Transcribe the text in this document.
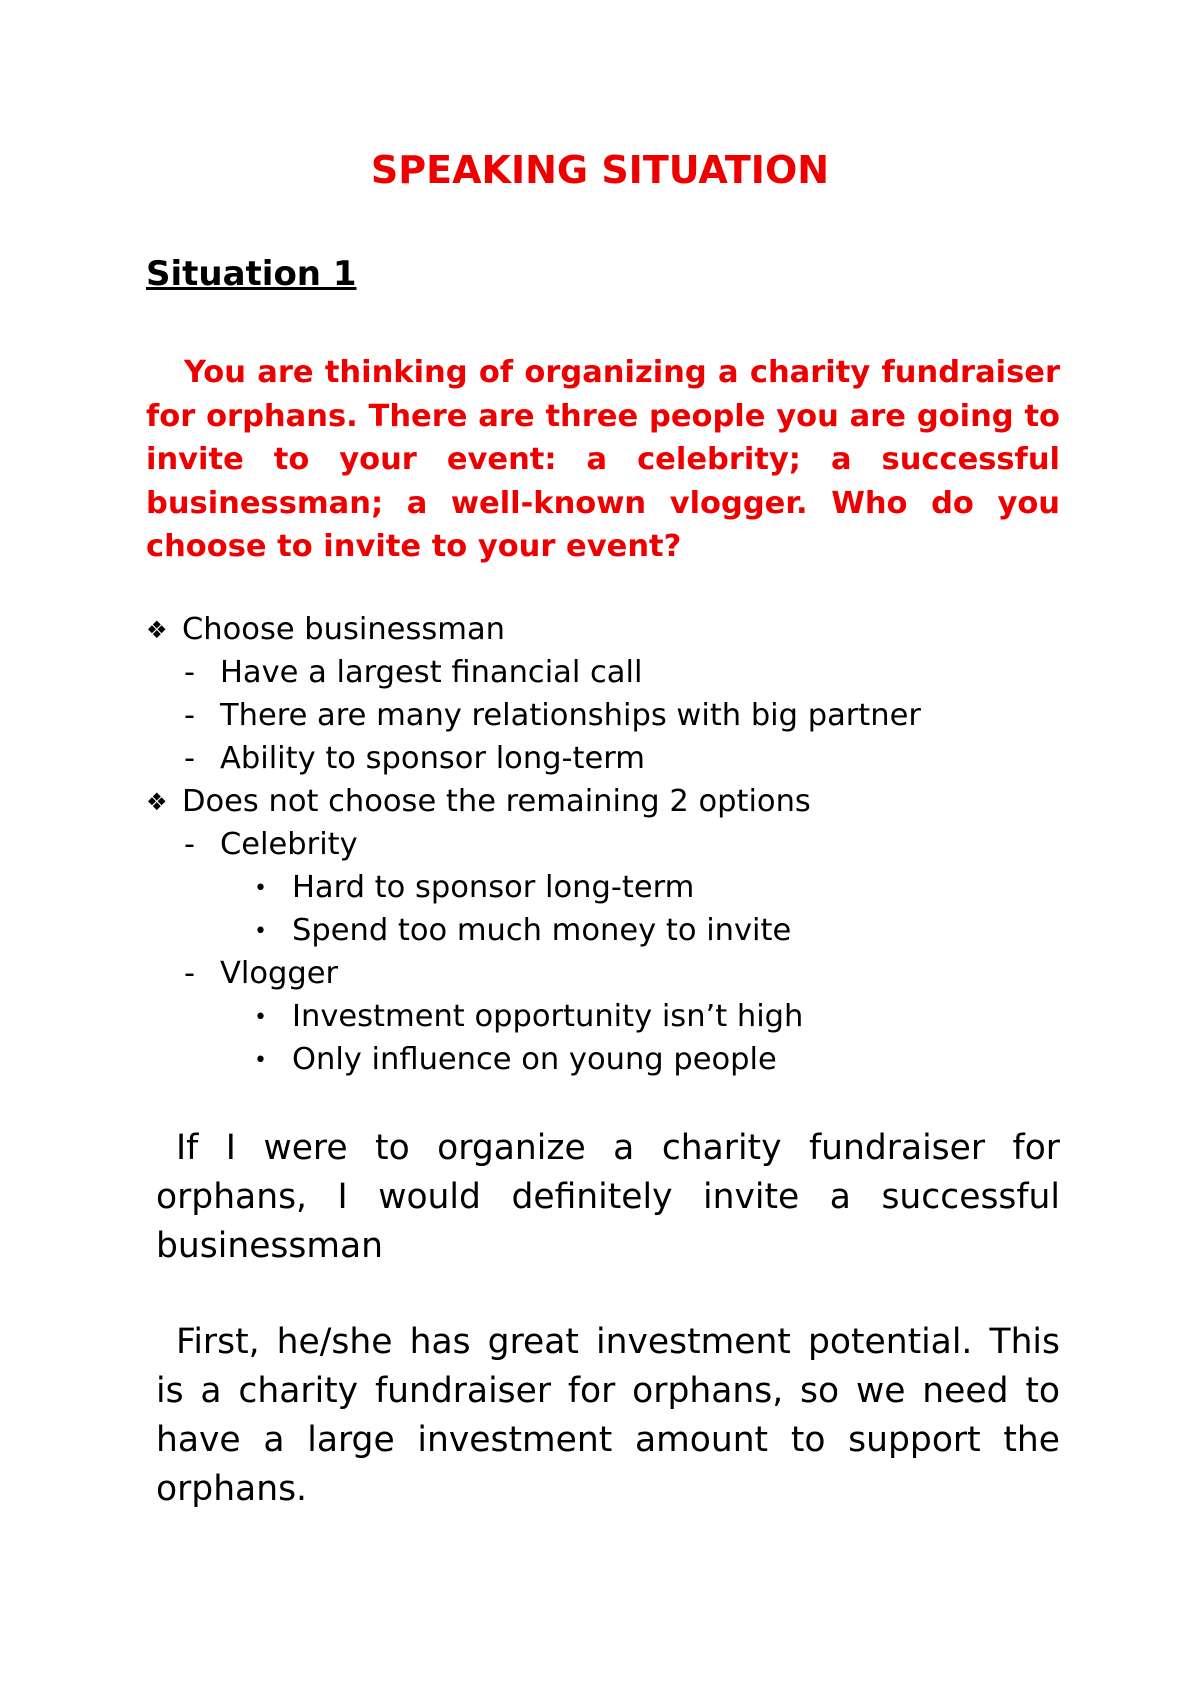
SPEAKING SITUATION
Situation 1

You are thinking of organizing a charity fundraiser for orphans. There are three people you are going to invite to your event: a celebrity; a successful businessman; a well-known vlogger. Who do you choose to invite to your event?

❖ Choose businessman
- Have a largest financial call
- There are many relationships with big partner
- Ability to sponsor long-term
❖ Does not choose the remaining 2 options
- Celebrity
• Hard to sponsor long-term
• Spend too much money to invite
- Vlogger
• Investment opportunity isn’t high
• Only influence on young people

If I were to organize a charity fundraiser for orphans, I would definitely invite a successful businessman

First, he/she has great investment potential. This is a charity fundraiser for orphans, so we need to have a large investment amount to support the orphans.
